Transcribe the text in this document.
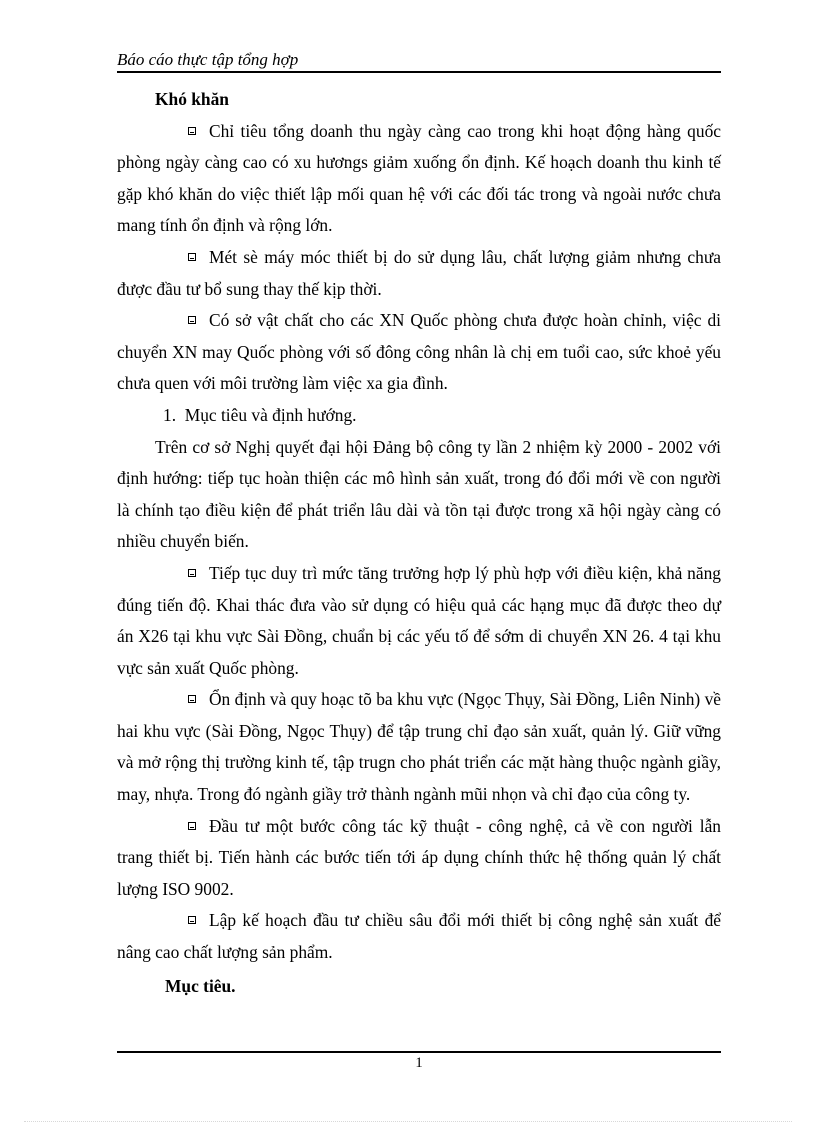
Báo cáo thực tập tổng hợp

Khó khăn

Chỉ tiêu tổng doanh thu ngày càng cao trong khi hoạt động hàng quốc phòng ngày càng cao có xu hươngs giảm xuống ổn định. Kế hoạch doanh thu kinh tế gặp khó khăn do việc thiết lập mối quan hệ với các đối tác trong và ngoài nước chưa mang tính ổn định và rộng lớn.

Mét sè máy móc thiết bị do sử dụng lâu, chất lượng giảm nhưng chưa được đầu tư bổ sung thay thế kịp thời.

Có sở vật chất cho các XN Quốc phòng chưa được hoàn chỉnh, việc di chuyển XN may Quốc phòng với số đông công nhân là chị em tuổi cao, sức khoẻ yếu chưa quen với môi trường làm việc xa gia đình.

1. Mục tiêu và định hướng.

Trên cơ sở Nghị quyết đại hội Đảng bộ công ty lần 2 nhiệm kỳ 2000 - 2002 với định hướng: tiếp tục hoàn thiện các mô hình sản xuất, trong đó đổi mới về con người là chính tạo điều kiện để phát triển lâu dài và tồn tại được trong xã hội ngày càng có nhiều chuyển biến.

Tiếp tục duy trì mức tăng trưởng hợp lý phù hợp với điều kiện, khả năng đúng tiến độ. Khai thác đưa vào sử dụng có hiệu quả các hạng mục đã được theo dự án X26 tại khu vực Sài Đồng, chuẩn bị các yếu tố để sớm di chuyển XN 26. 4 tại khu vực sản xuất Quốc phòng.

Ổn định và quy hoạc tõ ba khu vực (Ngọc Thụy, Sài Đồng, Liên Ninh) về hai khu vực (Sài Đồng, Ngọc Thụy) để tập trung chỉ đạo sản xuất, quản lý. Giữ vững và mở rộng thị trường kinh tế, tập trugn cho phát triển các mặt hàng thuộc ngành giầy, may, nhựa. Trong đó ngành giầy trở thành ngành mũi nhọn và chỉ đạo của công ty.

Đầu tư một bước công tác kỹ thuật - công nghệ, cả về con người lẫn trang thiết bị. Tiến hành các bước tiến tới áp dụng chính thức hệ thống quản lý chất lượng ISO 9002.

Lập kế hoạch đầu tư chiều sâu đổi mới thiết bị công nghệ sản xuất để nâng cao chất lượng sản phẩm.

Mục tiêu.

1
